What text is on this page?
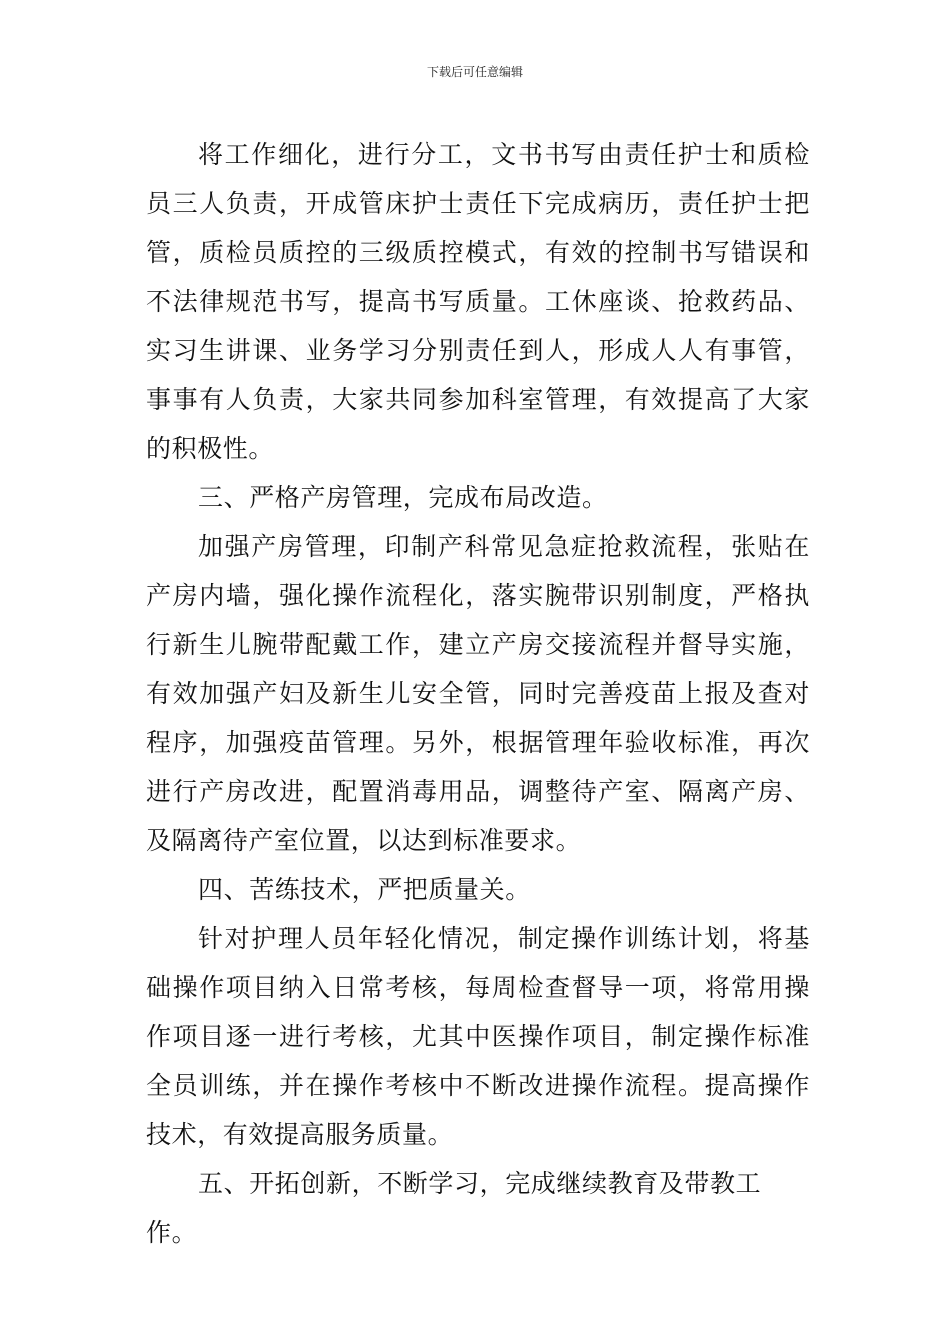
下载后可任意编辑

将工作细化，进行分工，文书书写由责任护士和质检员三人负责，开成管床护士责任下完成病历，责任护士把管，质检员质控的三级质控模式，有效的控制书写错误和不法律规范书写，提高书写质量。工休座谈、抢救药品、实习生讲课、业务学习分别责任到人，形成人人有事管，事事有人负责，大家共同参加科室管理，有效提高了大家的积极性。

三、严格产房管理，完成布局改造。

加强产房管理，印制产科常见急症抢救流程，张贴在产房内墙，强化操作流程化，落实腕带识别制度，严格执行新生儿腕带配戴工作，建立产房交接流程并督导实施，有效加强产妇及新生儿安全管，同时完善疫苗上报及查对程序，加强疫苗管理。另外，根据管理年验收标准，再次进行产房改进，配置消毒用品，调整待产室、隔离产房、及隔离待产室位置，以达到标准要求。

四、苦练技术，严把质量关。

针对护理人员年轻化情况，制定操作训练计划，将基础操作项目纳入日常考核，每周检查督导一项，将常用操作项目逐一进行考核，尤其中医操作项目，制定操作标准全员训练，并在操作考核中不断改进操作流程。提高操作技术，有效提高服务质量。

五、开拓创新，不断学习，完成继续教育及带教工作。
